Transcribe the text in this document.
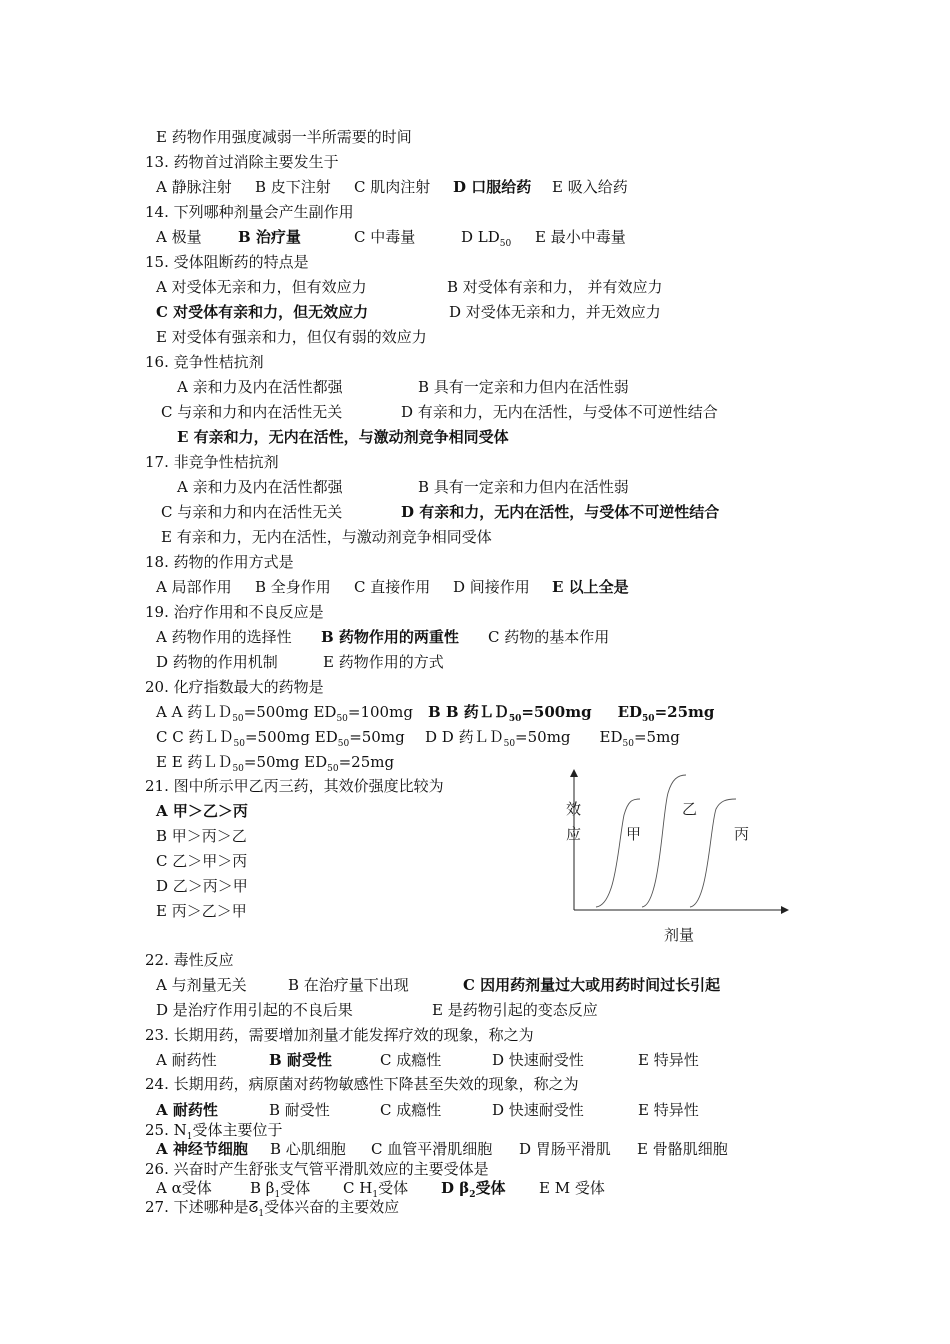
E 药物作用强度减弱一半所需要的时间
13. 药物首过消除主要发生于
A 静脉注射 B 皮下注射 C 肌肉注射 D 口服给药 E 吸入给药
14. 下列哪种剂量会产生副作用
A 极量 B 治疗量	C 中毒量	D $LD_{50}$ E 最小中毒量
15. 受体阻断药的特点是
A 对受体无亲和力，但有效应力	B 对受体有亲和力， 并有效应力
C 对受体有亲和力，但无效应力	D 对受体无亲和力，并无效应力
E 对受体有强亲和力，但仅有弱的效应力
16. 竞争性桔抗剂
A 亲和力及内在活性都强	B 具有一定亲和力但内在活性弱
C 与亲和力和内在活性无关	D 有亲和力，无内在活性，与受体不可逆性结合
E 有亲和力，无内在活性，与激动剂竞争相同受体
17. 非竞争性桔抗剂
A 亲和力及内在活性都强	B 具有一定亲和力但内在活性弱
C 与亲和力和内在活性无关	D 有亲和力，无内在活性，与受体不可逆性结合
E 有亲和力，无内在活性，与激动剂竞争相同受体
18. 药物的作用方式是
A 局部作用 B 全身作用 C 直接作用 D 间接作用 E 以上全是
19. 治疗作用和不良反应是
A 药物作用的选择性 B 药物作用的两重性 C 药物的基本作用
D 药物的作用机制	E 药物作用的方式
20. 化疗指数最大的药物是
A A 药ＬＤ$_{50}$=500mg $ED_{50}=100mg$ B B 药ＬＤ$_{50}$=500mg $ED_{50}=25mg$
C C 药ＬＤ$_{50}$=500mg $ED_{50}=50mg$ D D 药ＬＤ$_{50}$=50mg $ED_{50}=5mg$
E E 药ＬＤ$_{50}$=50mg $ED_{50}=25mg$
21. 图中所示甲乙丙三药，其效价强度比较为
A 甲＞乙＞丙
B 甲＞丙＞乙
C 乙＞甲＞丙
D 乙＞丙＞甲
E 丙＞乙＞甲
效
应	甲
乙
丙
剂量
22. 毒性反应
A 与剂量无关	B 在治疗量下出现	C 因用药剂量过大或用药时间过长引起
D 是治疗作用引起的不良后果	E 是药物引起的变态反应
23. 长期用药，需要增加剂量才能发挥疗效的现象，称之为
A 耐药性	B 耐受性	C 成瘾性	D 快速耐受性	E 特异性
24. 长期用药，病原菌对药物敏感性下降甚至失效的现象，称之为
A 耐药性	B 耐受性	C 成瘾性	D 快速耐受性	E 特异性
25. $N_1$受体主要位于
A 神经节细胞 B 心肌细胞 C 血管平滑肌细胞 D 胃肠平滑肌 E 骨骼肌细胞
26. 兴奋时产生舒张支气管平滑肌效应的主要受体是
A α受体	B $\beta_1$受体 C $H_1$受体 D $\beta_2$受体 E M 受体
27. 下述哪种是ᘔ$_1$受体兴奋的主要效应
